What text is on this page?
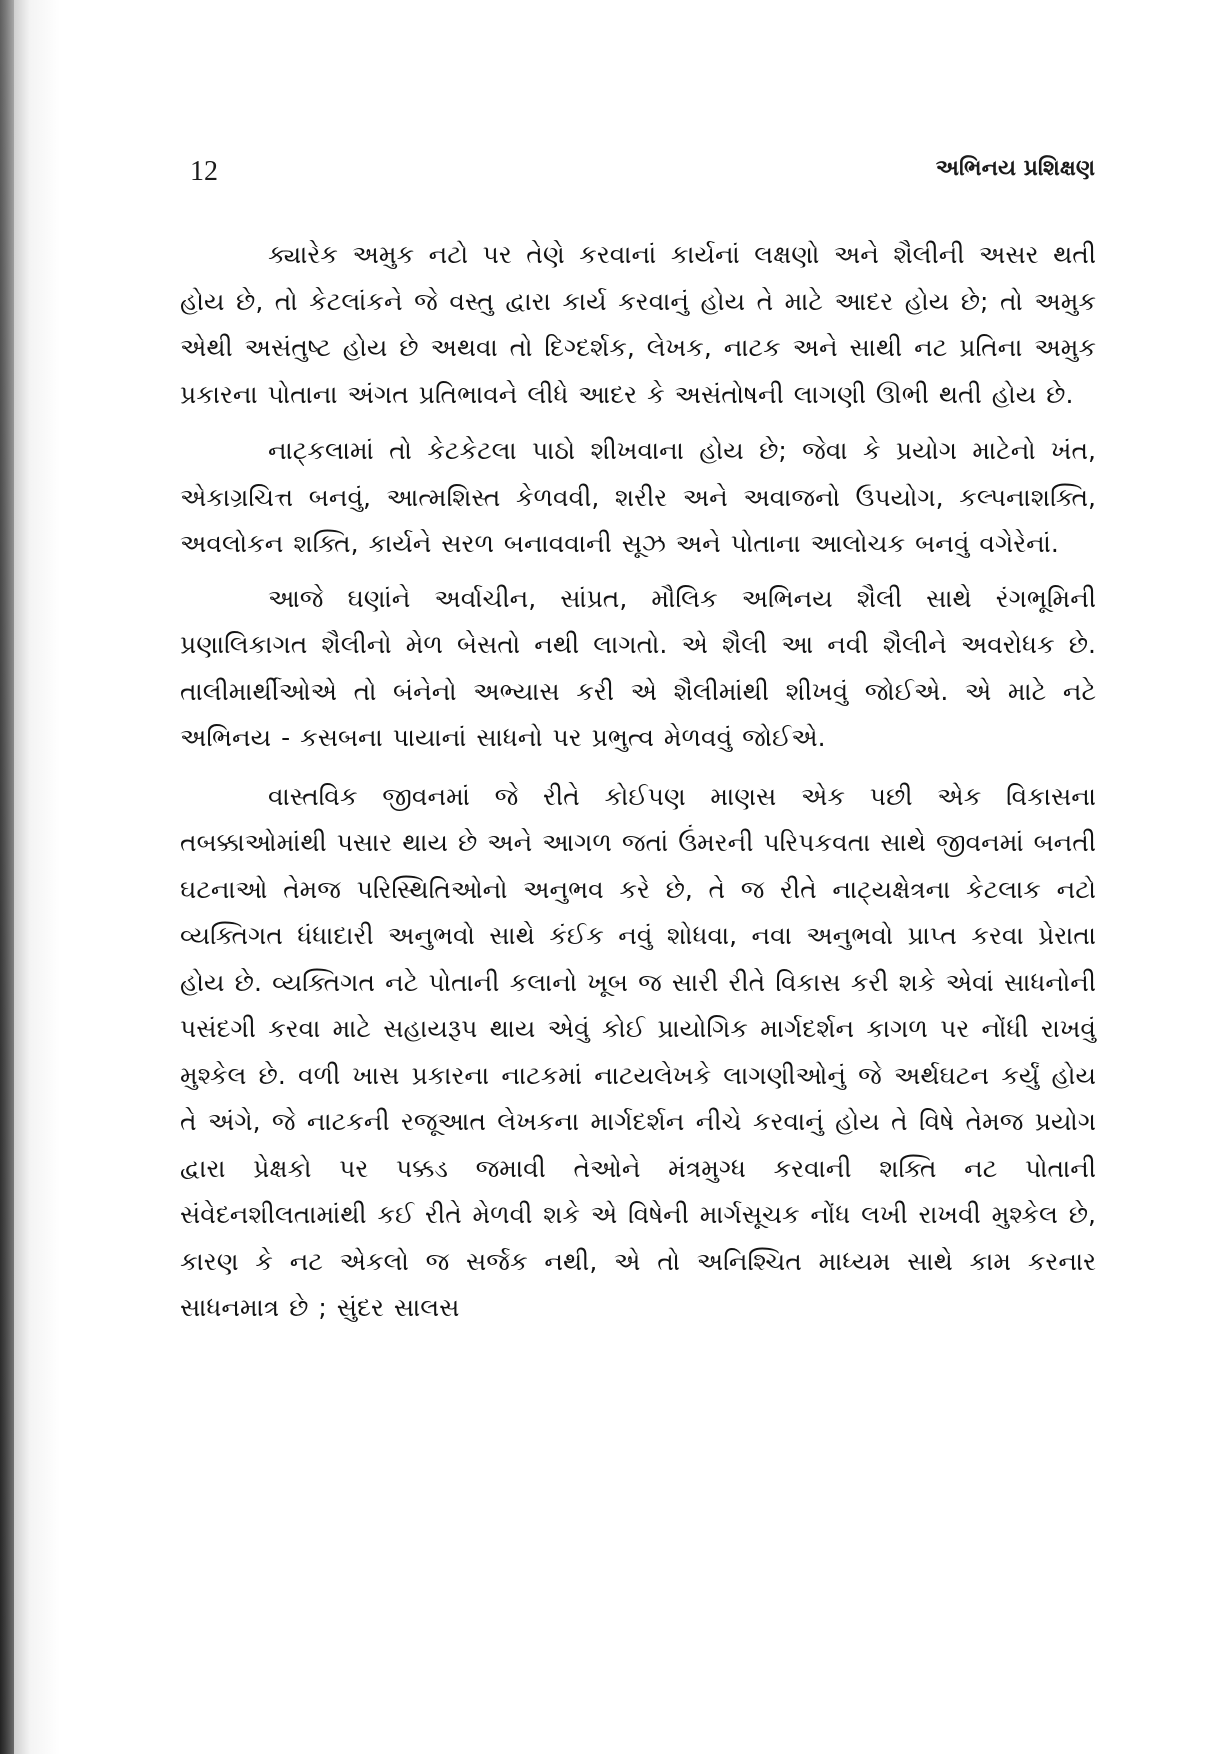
12	અભિનય પ્રશિક્ષણ

ક્યારેક અમુક નટો પર તેણે કરવાનાં કાર્યનાં લક્ષણો અને શૈલીની અસર થતી હોય છે, તો કેટલાંકને જે વસ્તુ દ્વારા કાર્ય કરવાનું હોય તે માટે આદર હોય છે; તો અમુક એથી અસંતુષ્ટ હોય છે અથવા તો દિગ્દર્શક, લેખક, નાટક અને સાથી નટ પ્રતિના અમુક પ્રકારના પોતાના અંગત પ્રતિભાવને લીધે આદર કે અસંતોષની લાગણી ઊભી થતી હોય છે.

નાટ્કલામાં તો કેટકેટલા પાઠો શીખવાના હોય છે; જેવા કે પ્રયોગ માટેનો ખંત, એકાગ્રચિત્ત બનવું, આત્મશિસ્ત કેળવવી, શરીર અને અવાજનો ઉપયોગ, કલ્પનાશક્તિ, અવલોકન શક્તિ, કાર્યને સરળ બનાવવાની સૂઝ અને પોતાના આલોચક બનવું વગેરેનાં.

આજે ઘણાંને અર્વાચીન, સાંપ્રત, મૌલિક અભિનય શૈલી સાથે રંગભૂમિની પ્રણાલિકાગત શૈલીનો મેળ બેસતો નથી લાગતો. એ શૈલી આ નવી શૈલીને અવરોધક છે. તાલીમાર્થીઓએ તો બંનેનો અભ્યાસ કરી એ શૈલીમાંથી શીખવું જોઈએ. એ માટે નટે અભિનય - કસબના પાયાનાં સાધનો પર પ્રભુત્વ મેળવવું જોઈએ.

વાસ્તવિક જીવનમાં જે રીતે કોઈપણ માણસ એક પછી એક વિકાસના તબક્કાઓમાંથી પસાર થાય છે અને આગળ જતાં ઉંમરની પરિપકવતા સાથે જીવનમાં બનતી ઘટનાઓ તેમજ પરિસ્થિતિઓનો અનુભવ કરે છે, તે જ રીતે નાટ્યક્ષેત્રના કેટલાક નટો વ્યક્તિગત ધંધાદારી અનુભવો સાથે કંઈક નવું શોધવા, નવા અનુભવો પ્રાપ્ત કરવા પ્રેરાતા હોય છે. વ્યક્તિગત નટે પોતાની કલાનો ખૂબ જ સારી રીતે વિકાસ કરી શકે એવાં સાધનોની પસંદગી કરવા માટે સહાયરૂપ થાય એવું કોઈ પ્રાયોગિક માર્ગદર્શન કાગળ પર નોંધી રાખવું મુશ્કેલ છે. વળી ખાસ પ્રકારના નાટકમાં નાટયલેખકે લાગણીઓનું જે અર્થઘટન કર્યું હોય તે અંગે, જે નાટકની રજૂઆત લેખકના માર્ગદર્શન નીચે કરવાનું હોય તે વિષે તેમજ પ્રયોગ દ્વારા પ્રેક્ષકો પર પક્કડ જમાવી તેઓને મંત્રમુગ્ધ કરવાની શક્તિ નટ પોતાની સંવેદનશીલતામાંથી કઈ રીતે મેળવી શકે એ વિષેની માર્ગસૂચક નોંધ લખી રાખવી મુશ્કેલ છે, કારણ કે નટ એકલો જ સર્જક નથી, એ તો અનિશ્ચિત માધ્યમ સાથે કામ કરનાર સાધનમાત્ર છે ; સુંદર સાલસ
